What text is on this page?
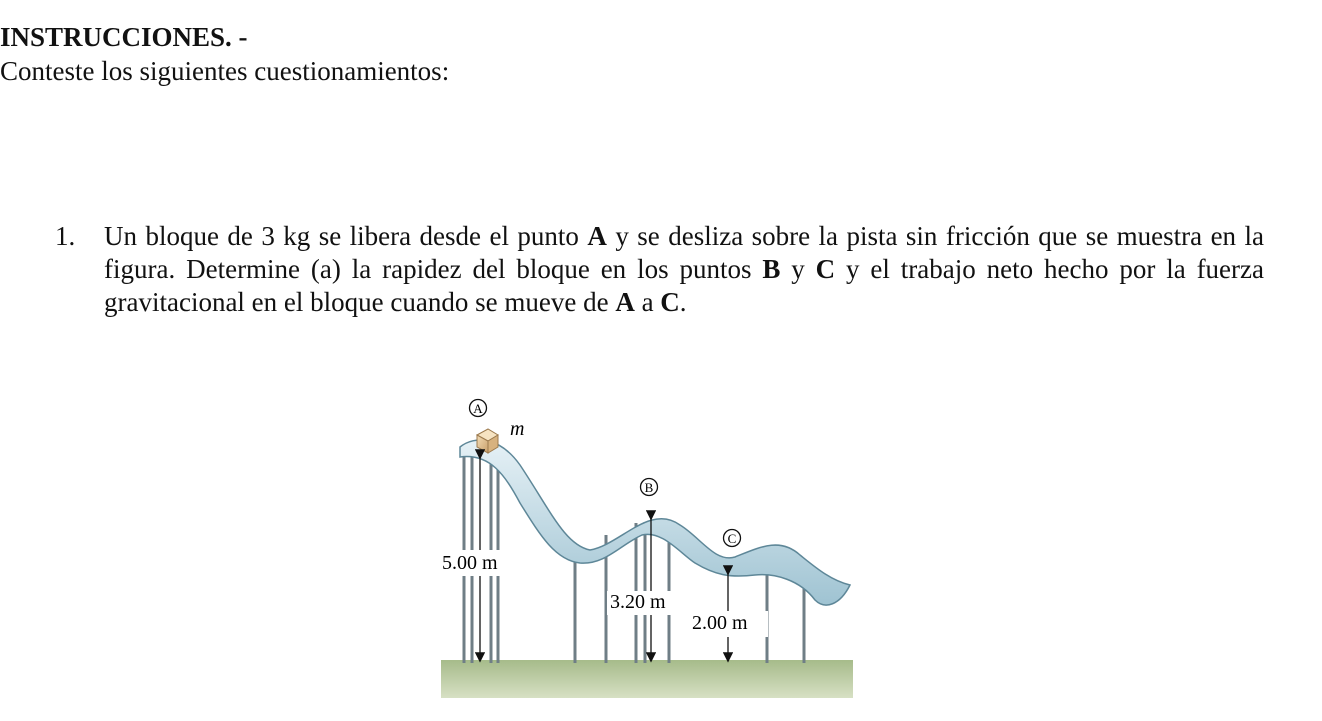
INSTRUCCIONES. -
Conteste los siguientes cuestionamientos:
1. Un bloque de 3 kg se libera desde el punto A y se desliza sobre la pista sin fricción que se muestra en la figura. Determine (a) la rapidez del bloque en los puntos B y C y el trabajo neto hecho por la fuerza gravitacional en el bloque cuando se mueve de A a C.
A
m
B
C
5.00 m
3.20 m
2.00 m
